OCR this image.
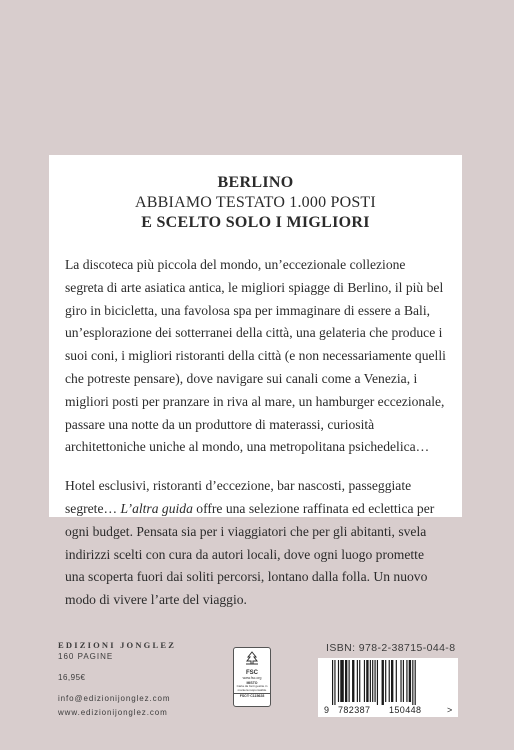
BERLINO
ABBIAMO TESTATO 1.000 POSTI
E SCELTO SOLO I MIGLIORI

La discoteca più piccola del mondo, un’eccezionale collezione segreta di arte asiatica antica, le migliori spiagge di Berlino, il più bel giro in bicicletta, una favolosa spa per immaginare di essere a Bali, un’esplorazione dei sotterranei della città, una gelateria che produce i suoi coni, i migliori ristoranti della città (e non necessariamente quelli che potreste pensare), dove navigare sui canali come a Venezia, i migliori posti per pranzare in riva al mare, un hamburger eccezionale, passare una notte da un produttore di materassi, curiosità architettoniche uniche al mondo, una metropolitana psichedelica…

Hotel esclusivi, ristoranti d’eccezione, bar nascosti, passeggiate segrete… L’altra guida offre una selezione raffinata ed eclettica per ogni budget. Pensata sia per i viaggiatori che per gli abitanti, svela indirizzi scelti con cura da autori locali, dove ogni luogo promette una scoperta fuori dai soliti percorsi, lontano dalla folla. Un nuovo modo di vivere l’arte del viaggio.

EDIZIONI JONGLEZ
160 PAGINE
16,95€
info@edizionijonglez.com
www.edizionijonglez.com
FSC
www.fsc.org
MISTO
Carta da fonti gestite in maniera responsabile
FSC® C115628
ISBN: 978-2-38715-044-8
9 782387 150448	>
